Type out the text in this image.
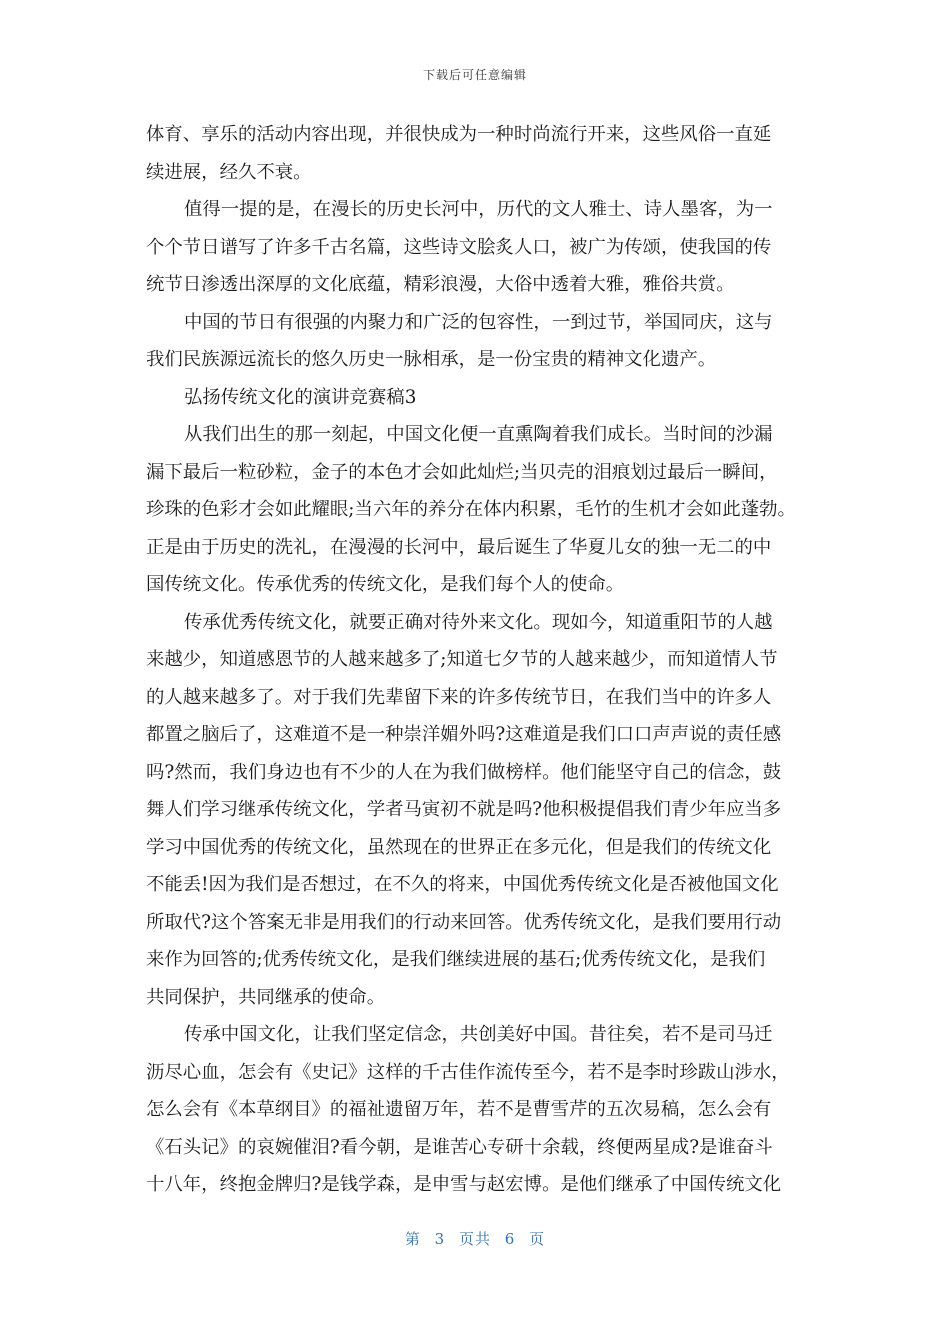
下载后可任意编辑
体育、享乐的活动内容出现，并很快成为一种时尚流行开来，这些风俗一直延
续进展，经久不衰。
值得一提的是，在漫长的历史长河中，历代的文人雅士、诗人墨客，为一
个个节日谱写了许多千古名篇，这些诗文脍炙人口，被广为传颂，使我国的传
统节日渗透出深厚的文化底蕴，精彩浪漫，大俗中透着大雅，雅俗共赏。
中国的节日有很强的内聚力和广泛的包容性，一到过节，举国同庆，这与
我们民族源远流长的悠久历史一脉相承，是一份宝贵的精神文化遗产。
弘扬传统文化的演讲竞赛稿3
从我们出生的那一刻起，中国文化便一直熏陶着我们成长。当时间的沙漏
漏下最后一粒砂粒，金子的本色才会如此灿烂;当贝壳的泪痕划过最后一瞬间，
珍珠的色彩才会如此耀眼;当六年的养分在体内积累，毛竹的生机才会如此蓬勃。
正是由于历史的洗礼，在漫漫的长河中，最后诞生了华夏儿女的独一无二的中
国传统文化。传承优秀的传统文化，是我们每个人的使命。
传承优秀传统文化，就要正确对待外来文化。现如今，知道重阳节的人越
来越少，知道感恩节的人越来越多了;知道七夕节的人越来越少，而知道情人节
的人越来越多了。对于我们先辈留下来的许多传统节日，在我们当中的许多人
都置之脑后了，这难道不是一种崇洋媚外吗?这难道是我们口口声声说的责任感
吗?然而，我们身边也有不少的人在为我们做榜样。他们能坚守自己的信念，鼓
舞人们学习继承传统文化，学者马寅初不就是吗?他积极提倡我们青少年应当多
学习中国优秀的传统文化，虽然现在的世界正在多元化，但是我们的传统文化
不能丢!因为我们是否想过，在不久的将来，中国优秀传统文化是否被他国文化
所取代?这个答案无非是用我们的行动来回答。优秀传统文化，是我们要用行动
来作为回答的;优秀传统文化，是我们继续进展的基石;优秀传统文化，是我们
共同保护，共同继承的使命。
传承中国文化，让我们坚定信念，共创美好中国。昔往矣，若不是司马迁
沥尽心血，怎会有《史记》这样的千古佳作流传至今，若不是李时珍跋山涉水，
怎么会有《本草纲目》的福祉遗留万年，若不是曹雪芹的五次易稿，怎么会有
《石头记》的哀婉催泪?看今朝，是谁苦心专研十余载，终便两星成?是谁奋斗
十八年，终抱金牌归?是钱学森，是申雪与赵宏博。是他们继承了中国传统文化
第 3 页共 6 页
